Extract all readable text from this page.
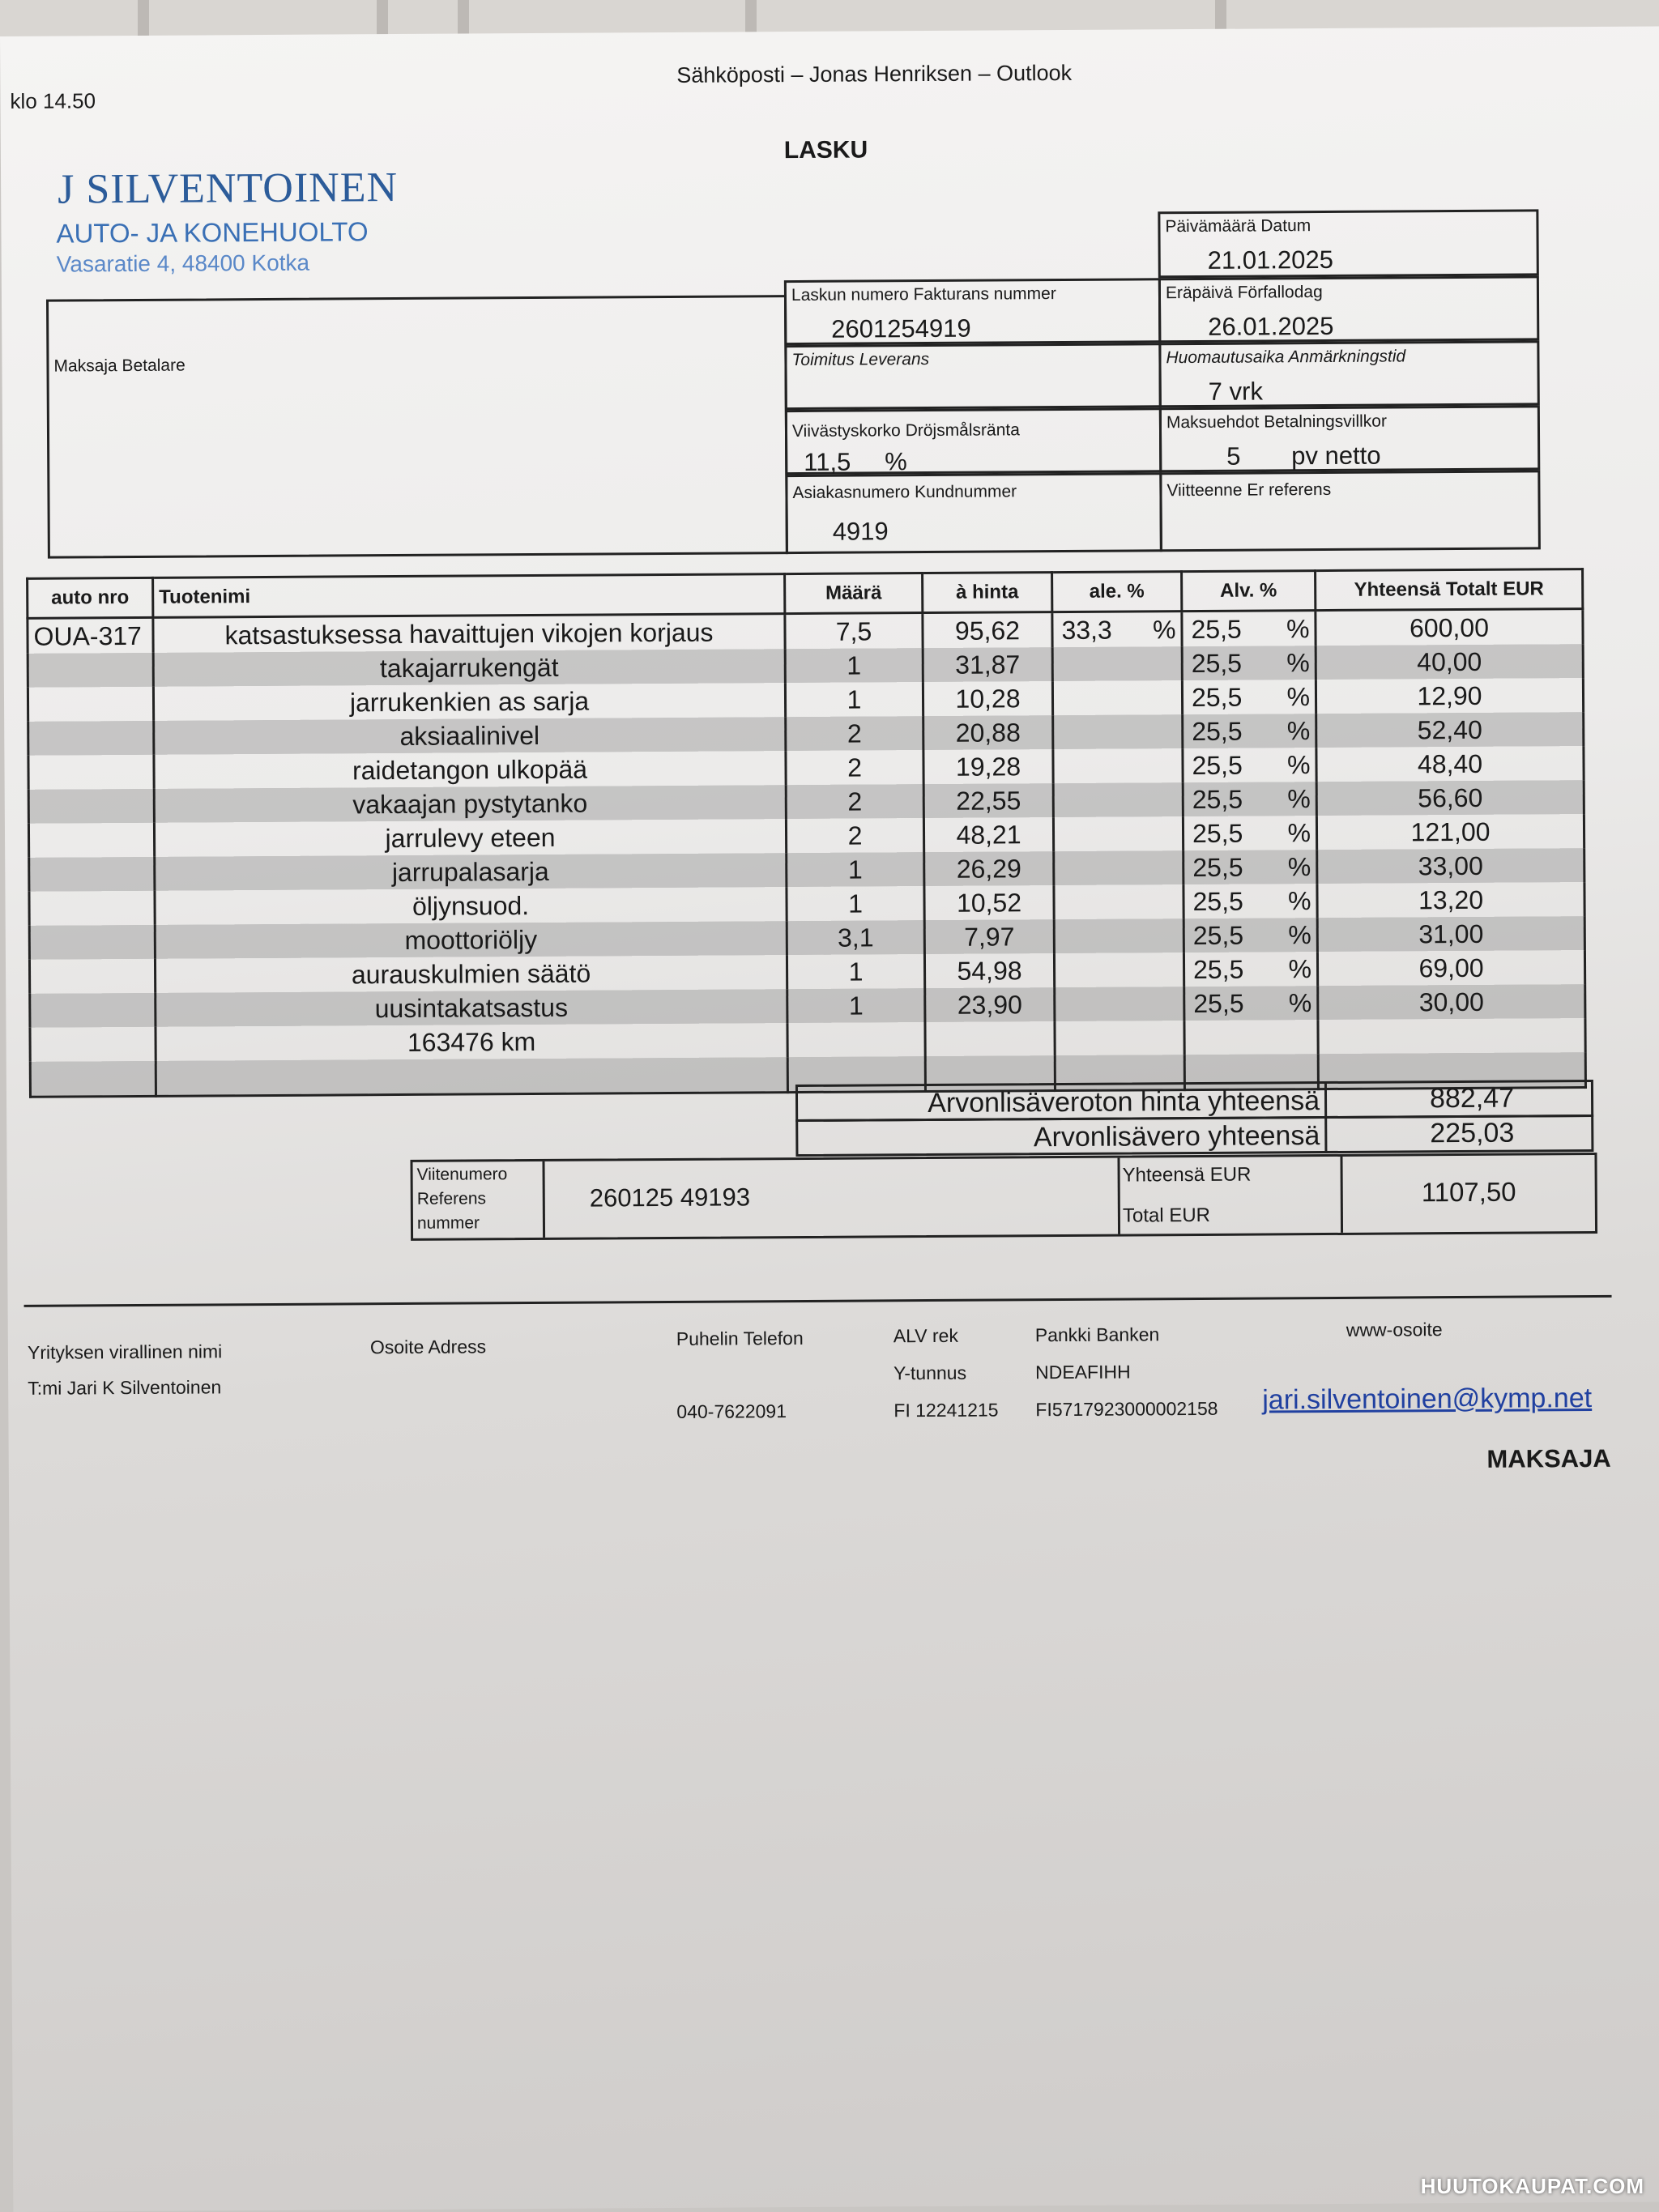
klo 14.50
Sähköposti – Jonas Henriksen – Outlook
LASKU
J SILVENTOINEN
AUTO- JA KONEHUOLTO
Vasaratie 4, 48400 Kotka
Maksaja Betalare
Päivämäärä Datum
21.01.2025
Laskun numero Fakturans nummer
2601254919
Eräpäivä Förfallodag
26.01.2025
Toimitus Leverans	Huomautusaika Anmärkningstid
7 vrk
Viivästyskorko Dröjsmålsränta
11,5 %
Maksuehdot Betalningsvillkor
5 pv netto
Asiakasnumero Kundnummer
4919
Viitteenne Er referens
auto nro	Tuotenimi	Määrä	à hinta	ale. %	Alv. %	Yhteensä Totalt EUR
OUA-317	katsastuksessa havaittujen vikojen korjaus	7,5	95,62	33,3 %	25,5 %	600,00
	takajarrukengät	1	31,87		25,5 %	40,00
	jarrukenkien as sarja	1	10,28		25,5 %	12,90
	aksiaalinivel	2	20,88		25,5 %	52,40
	raidetangon ulkopää	2	19,28		25,5 %	48,40
	vakaajan pystytanko	2	22,55		25,5 %	56,60
	jarrulevy eteen	2	48,21		25,5 %	121,00
	jarrupalasarja	1	26,29		25,5 %	33,00
	öljynsuod.	1	10,52		25,5 %	13,20
	moottoriöljy	3,1	7,97		25,5 %	31,00
	aurauskulmien säätö	1	54,98		25,5 %	69,00
	uusintakatsastus	1	23,90		25,5 %	30,00
	163476 km			

Arvonlisäveroton hinta yhteensä	882,47
Arvonlisävero yhteensä	225,03
Viitenumero
Referens
nummer
260125 49193
Yhteensä EUR
Total EUR
1107,50
Yrityksen virallinen nimi
T:mi Jari K Silventoinen
Osoite Adress	Puhelin Telefon
040-7622091
ALV rek
Y-tunnus
FI 12241215
Pankki Banken
NDEAFIHH
FI5717923000002158
www-osoite
jari.silventoinen@kymp.net
MAKSAJA
HUUTOKAUPAT.COM
